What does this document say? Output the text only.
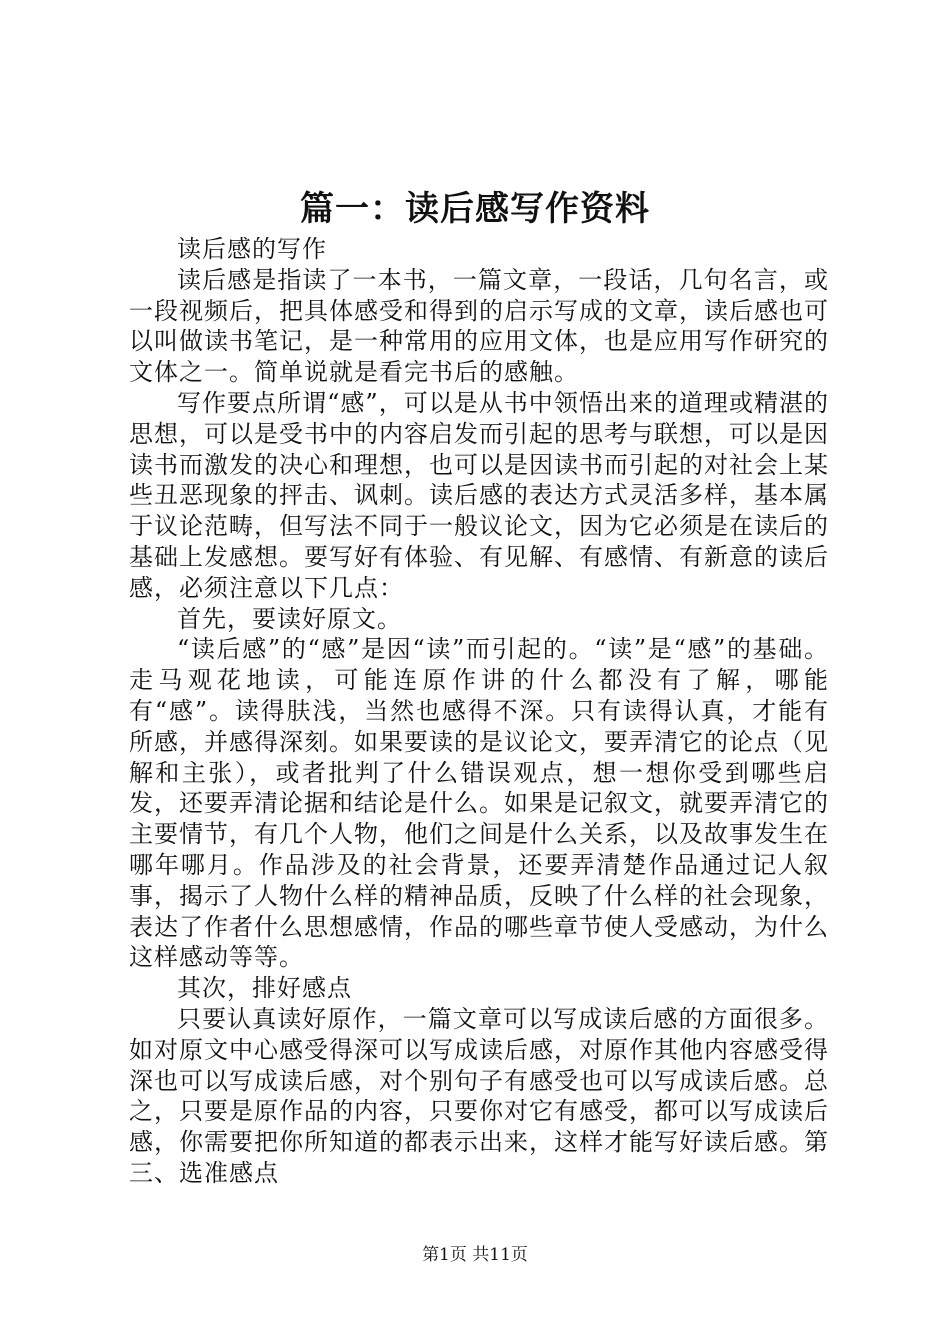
篇一：读后感写作资料

读后感的写作

读后感是指读了一本书，一篇文章，一段话，几句名言，或一段视频后，把具体感受和得到的启示写成的文章，读后感也可以叫做读书笔记，是一种常用的应用文体，也是应用写作研究的文体之一。简单说就是看完书后的感触。

写作要点所谓“感”，可以是从书中领悟出来的道理或精湛的思想，可以是受书中的内容启发而引起的思考与联想，可以是因读书而激发的决心和理想，也可以是因读书而引起的对社会上某些丑恶现象的抨击、讽刺。读后感的表达方式灵活多样，基本属于议论范畴，但写法不同于一般议论文，因为它必须是在读后的基础上发感想。要写好有体验、有见解、有感情、有新意的读后感，必须注意以下几点：

首先，要读好原文。

“读后感”的“感”是因“读”而引起的。“读”是“感”的基础。走马观花地读，可能连原作讲的什么都没有了解，哪能有“感”。读得肤浅，当然也感得不深。只有读得认真，才能有所感，并感得深刻。如果要读的是议论文，要弄清它的论点（见解和主张），或者批判了什么错误观点，想一想你受到哪些启发，还要弄清论据和结论是什么。如果是记叙文，就要弄清它的主要情节，有几个人物，他们之间是什么关系，以及故事发生在哪年哪月。作品涉及的社会背景，还要弄清楚作品通过记人叙事，揭示了人物什么样的精神品质，反映了什么样的社会现象，表达了作者什么思想感情，作品的哪些章节使人受感动，为什么这样感动等等。

其次，排好感点

只要认真读好原作，一篇文章可以写成读后感的方面很多。如对原文中心感受得深可以写成读后感，对原作其他内容感受得深也可以写成读后感，对个别句子有感受也可以写成读后感。总之，只要是原作品的内容，只要你对它有感受，都可以写成读后感，你需要把你所知道的都表示出来，这样才能写好读后感。第三、选准感点

第1页 共11页
